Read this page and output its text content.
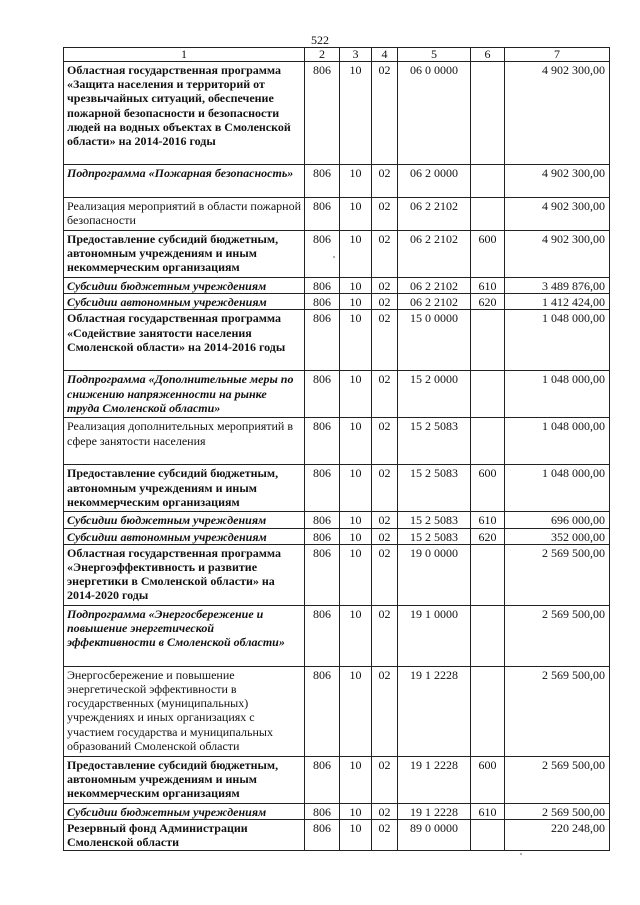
522
1	2	3	4	5	6	7
Областная государственная программа «Защита населения и территорий от чрезвычайных ситуаций, обеспечение пожарной безопасности и безопасности людей на водных объектах в Смоленской области» на 2014-2016 годы	806	10	02	06 0 0000		4 902 300,00
Подпрограмма «Пожарная безопасность»	806	10	02	06 2 0000		4 902 300,00
Реализация мероприятий в области пожарной безопасности	806	10	02	06 2 2102		4 902 300,00
Предоставление субсидий бюджетным, автономным учреждениям и иным некоммерческим организациям	806	10	02	06 2 2102	600	4 902 300,00
Субсидии бюджетным учреждениям	806	10	02	06 2 2102	610	3 489 876,00
Субсидии автономным учреждениям	806	10	02	06 2 2102	620	1 412 424,00
Областная государственная программа «Содействие занятости населения Смоленской области» на 2014-2016 годы	806	10	02	15 0 0000		1 048 000,00
Подпрограмма «Дополнительные меры по снижению напряженности на рынке труда Смоленской области»	806	10	02	15 2 0000		1 048 000,00
Реализация дополнительных мероприятий в сфере занятости населения	806	10	02	15 2 5083		1 048 000,00
Предоставление субсидий бюджетным, автономным учреждениям и иным некоммерческим организациям	806	10	02	15 2 5083	600	1 048 000,00
Субсидии бюджетным учреждениям	806	10	02	15 2 5083	610	696 000,00
Субсидии автономным учреждениям	806	10	02	15 2 5083	620	352 000,00
Областная государственная программа «Энергоэффективность и развитие энергетики в Смоленской области» на 2014-2020 годы	806	10	02	19 0 0000		2 569 500,00
Подпрограмма «Энергосбережение и повышение энергетической эффективности в Смоленской области»	806	10	02	19 1 0000		2 569 500,00
Энергосбережение и повышение энергетической эффективности в государственных (муниципальных) учреждениях и иных организациях с участием государства и муниципальных образований Смоленской области	806	10	02	19 1 2228		2 569 500,00
Предоставление субсидий бюджетным, автономным учреждениям и иным некоммерческим организациям	806	10	02	19 1 2228	600	2 569 500,00
Субсидии бюджетным учреждениям	806	10	02	19 1 2228	610	2 569 500,00
Резервный фонд Администрации Смоленской области	806	10	02	89 0 0000		220 248,00
